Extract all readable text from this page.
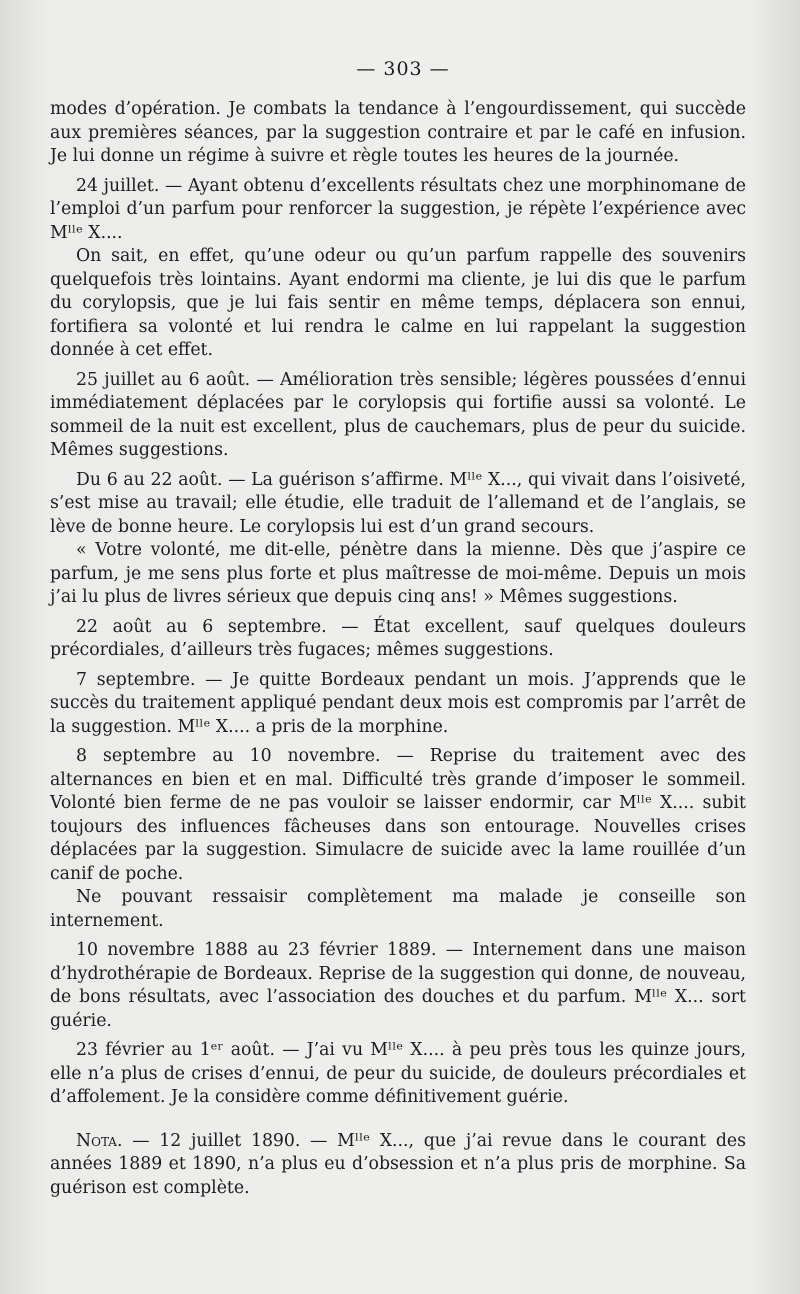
— 303 —

modes d’opération. Je combats la tendance à l’engourdissement, qui succède aux premières séances, par la suggestion contraire et par le café en infusion. Je lui donne un régime à suivre et règle toutes les heures de la journée.

24 juillet. — Ayant obtenu d’excellents résultats chez une morphinomane de l’emploi d’un parfum pour renforcer la suggestion, je répète l’expérience avec Mˡˡᵉ X....

On sait, en effet, qu’une odeur ou qu’un parfum rappelle des souvenirs quelquefois très lointains. Ayant endormi ma cliente, je lui dis que le parfum du corylopsis, que je lui fais sentir en même temps, déplacera son ennui, fortifiera sa volonté et lui rendra le calme en lui rappelant la suggestion donnée à cet effet.

25 juillet au 6 août. — Amélioration très sensible; légères poussées d’ennui immédiatement déplacées par le corylopsis qui fortifie aussi sa volonté. Le sommeil de la nuit est excellent, plus de cauchemars, plus de peur du suicide. Mêmes suggestions.

Du 6 au 22 août. — La guérison s’affirme. Mˡˡᵉ X..., qui vivait dans l’oisiveté, s’est mise au travail; elle étudie, elle traduit de l’allemand et de l’anglais, se lève de bonne heure. Le corylopsis lui est d’un grand secours.

« Votre volonté, me dit-elle, pénètre dans la mienne. Dès que j’aspire ce parfum, je me sens plus forte et plus maîtresse de moi-même. Depuis un mois j’ai lu plus de livres sérieux que depuis cinq ans! » Mêmes suggestions.

22 août au 6 septembre. — État excellent, sauf quelques douleurs précordiales, d’ailleurs très fugaces; mêmes suggestions.

7 septembre. — Je quitte Bordeaux pendant un mois. J’apprends que le succès du traitement appliqué pendant deux mois est compromis par l’arrêt de la suggestion. Mˡˡᵉ X.... a pris de la morphine.

8 septembre au 10 novembre. — Reprise du traitement avec des alternances en bien et en mal. Difficulté très grande d’imposer le sommeil. Volonté bien ferme de ne pas vouloir se laisser endormir, car Mˡˡᵉ X.... subit toujours des influences fâcheuses dans son entourage. Nouvelles crises déplacées par la suggestion. Simulacre de suicide avec la lame rouillée d’un canif de poche.

Ne pouvant ressaisir complètement ma malade je conseille son internement.

10 novembre 1888 au 23 février 1889. — Internement dans une maison d’hydrothérapie de Bordeaux. Reprise de la suggestion qui donne, de nouveau, de bons résultats, avec l’association des douches et du parfum. Mˡˡᵉ X... sort guérie.

23 février au 1ᵉʳ août. — J’ai vu Mˡˡᵉ X.... à peu près tous les quinze jours, elle n’a plus de crises d’ennui, de peur du suicide, de douleurs précordiales et d’affolement. Je la considère comme définitivement guérie.

Nota. — 12 juillet 1890. — Mˡˡᵉ X..., que j’ai revue dans le courant des années 1889 et 1890, n’a plus eu d’obsession et n’a plus pris de morphine. Sa guérison est complète.
